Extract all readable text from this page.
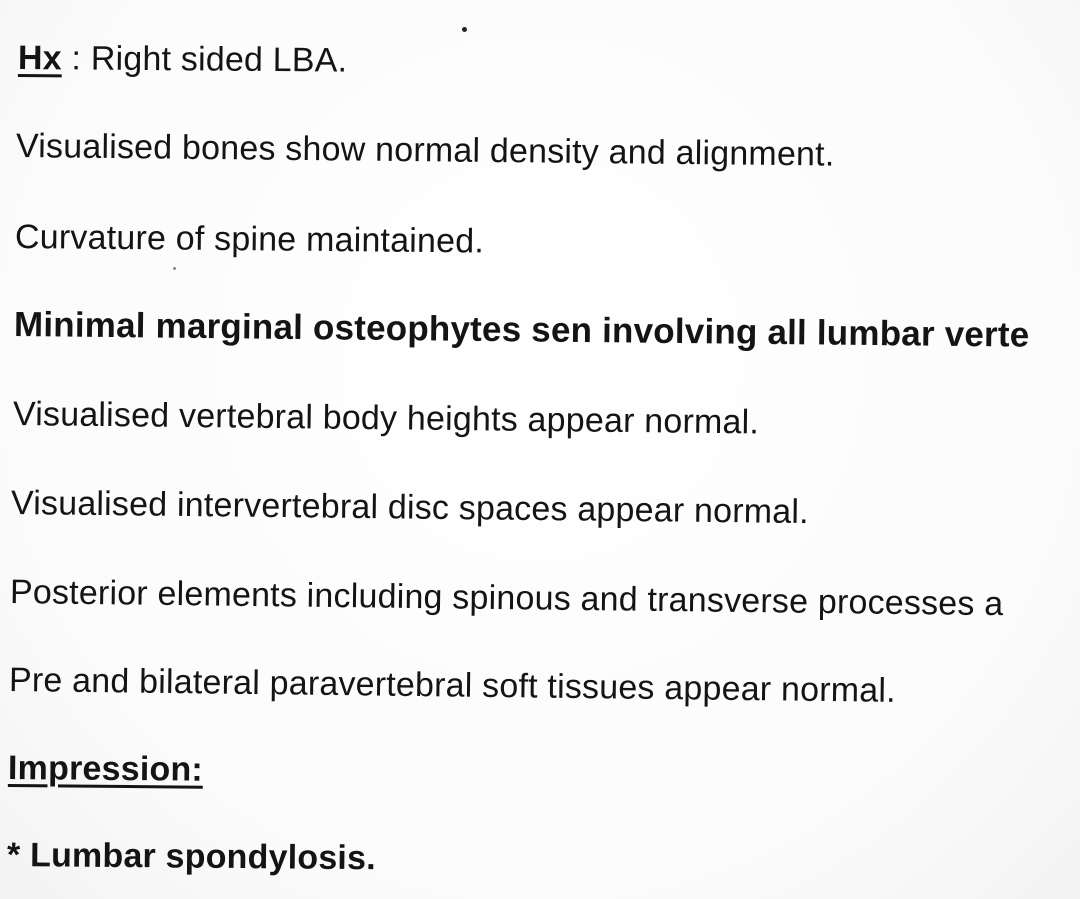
Hx : Right sided LBA.
Visualised bones show normal density and alignment.
Curvature of spine maintained.
Minimal marginal osteophytes sen involving all lumbar verte
Visualised vertebral body heights appear normal.
Visualised intervertebral disc spaces appear normal.
Posterior elements including spinous and transverse processes a
Pre and bilateral paravertebral soft tissues appear normal.
Impression:
* Lumbar spondylosis.
